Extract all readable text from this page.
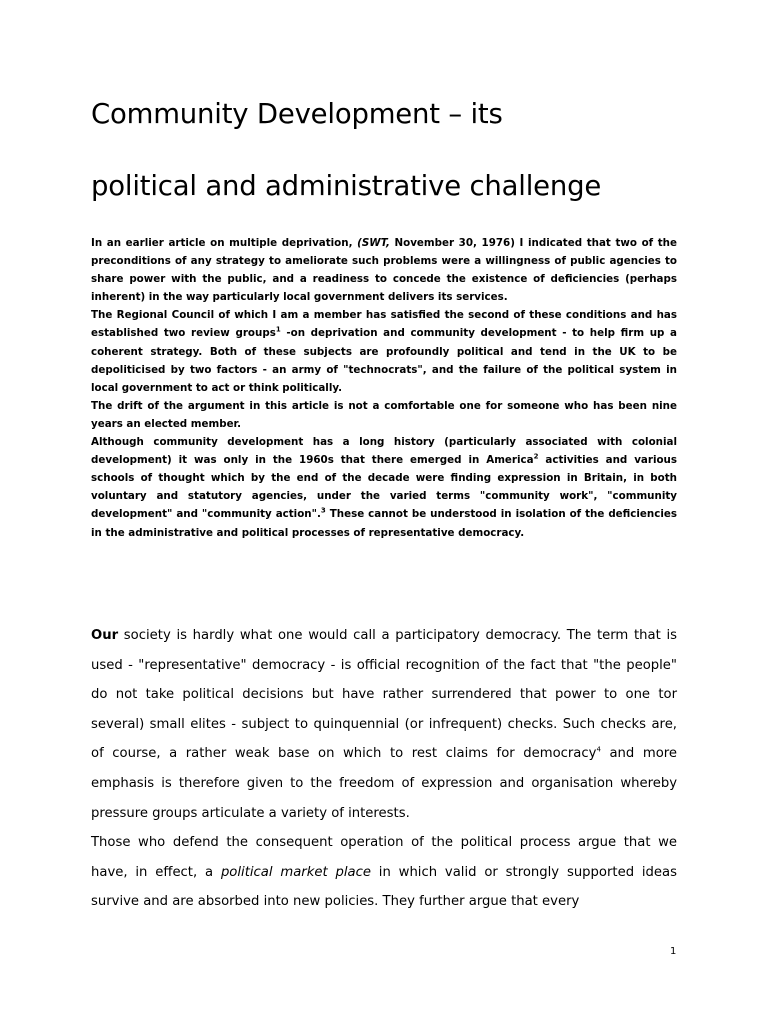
Community Development – its
political and administrative challenge

In an earlier article on multiple deprivation, (SWT, November 30, 1976) I indicated that two of the preconditions of any strategy to ameliorate such problems were a willingness of public agencies to share power with the public, and a readiness to concede the existence of deficiencies (perhaps inherent) in the way particularly local government delivers its services.

The Regional Council of which I am a member has satisfied the second of these conditions and has established two review groups$^1$ -on deprivation and community development - to help firm up a coherent strategy. Both of these subjects are profoundly political and tend in the UK to be depoliticised by two factors - an army of "technocrats", and the failure of the political system in local government to act or think politically.

The drift of the argument in this article is not a comfortable one for someone who has been nine years an elected member.

Although community development has a long history (particularly associated with colonial development) it was only in the 1960s that there emerged in America$^2$ activities and various schools of thought which by the end of the decade were finding expression in Britain, in both voluntary and statutory agencies, under the varied terms "community work", "community development" and "community action".$^3$ These cannot be understood in isolation of the deficiencies in the administrative and political processes of representative democracy.

Our society is hardly what one would call a participatory democracy. The term that is used - "representative" democracy - is official recognition of the fact that "the people" do not take political decisions but have rather surrendered that power to one tor several) small elites - subject to quinquennial (or infrequent) checks. Such checks are, of course, a rather weak base on which to rest claims for democracy$^4$ and more emphasis is therefore given to the freedom of expression and organisation whereby pressure groups articulate a variety of interests.

Those who defend the consequent operation of the political process argue that we have, in effect, a political market place in which valid or strongly supported ideas survive and are absorbed into new policies. They further argue that every

1
